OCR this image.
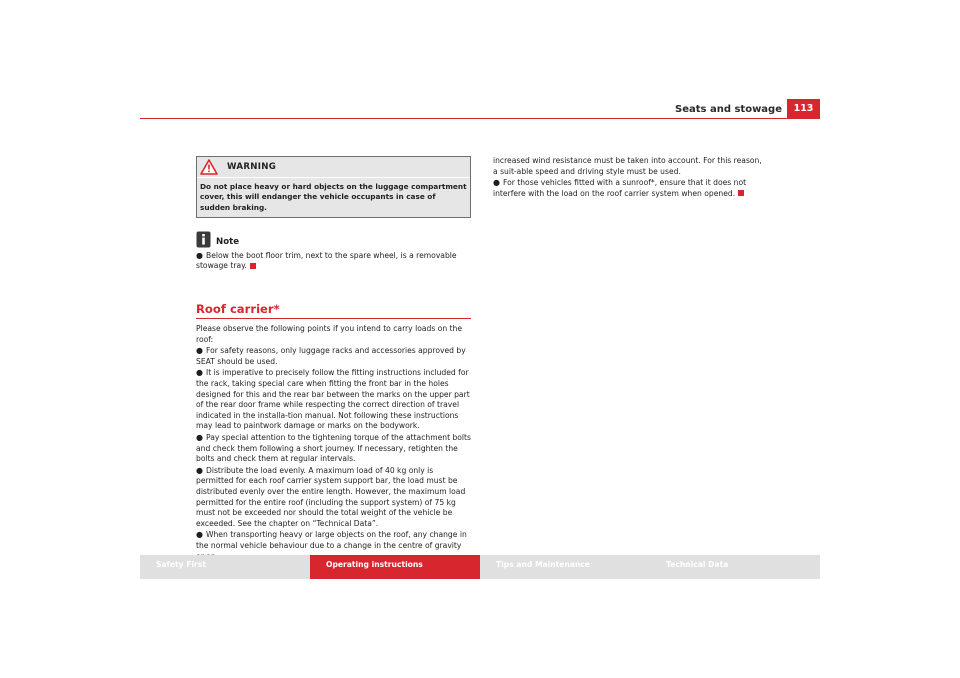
Seats and stowage	113
WARNING
Do not place heavy or hard objects on the luggage compartment cover, this will endanger the vehicle occupants in case of sudden braking.
Note

● Below the boot floor trim, next to the spare wheel, is a removable stowage tray.

Roof carrier*

Please observe the following points if you intend to carry loads on the roof:

● For safety reasons, only luggage racks and accessories approved by SEAT should be used.

● It is imperative to precisely follow the fitting instructions included for the rack, taking special care when fitting the front bar in the holes designed for this and the rear bar between the marks on the upper part of the rear door frame while respecting the correct direction of travel indicated in the installa-tion manual. Not following these instructions may lead to paintwork damage or marks on the bodywork.

● Pay special attention to the tightening torque of the attachment bolts and check them following a short journey. If necessary, retighten the bolts and check them at regular intervals.

● Distribute the load evenly. A maximum load of 40 kg only is permitted for each roof carrier system support bar, the load must be distributed evenly over the entire length. However, the maximum load permitted for the entire roof (including the support system) of 75 kg must not be exceeded nor should the total weight of the vehicle be exceeded. See the chapter on “Technical Data”.

● When transporting heavy or large objects on the roof, any change in the normal vehicle behaviour due to a change in the centre of gravity

increased wind resistance must be taken into account. For this reason, a suit-able speed and driving style must be used.

● For those vehicles fitted with a sunroof*, ensure that it does not interfere with the load on the roof carrier system when opened.

Safety First	Operating instructions	Tips and Maintenance	Technical Data
